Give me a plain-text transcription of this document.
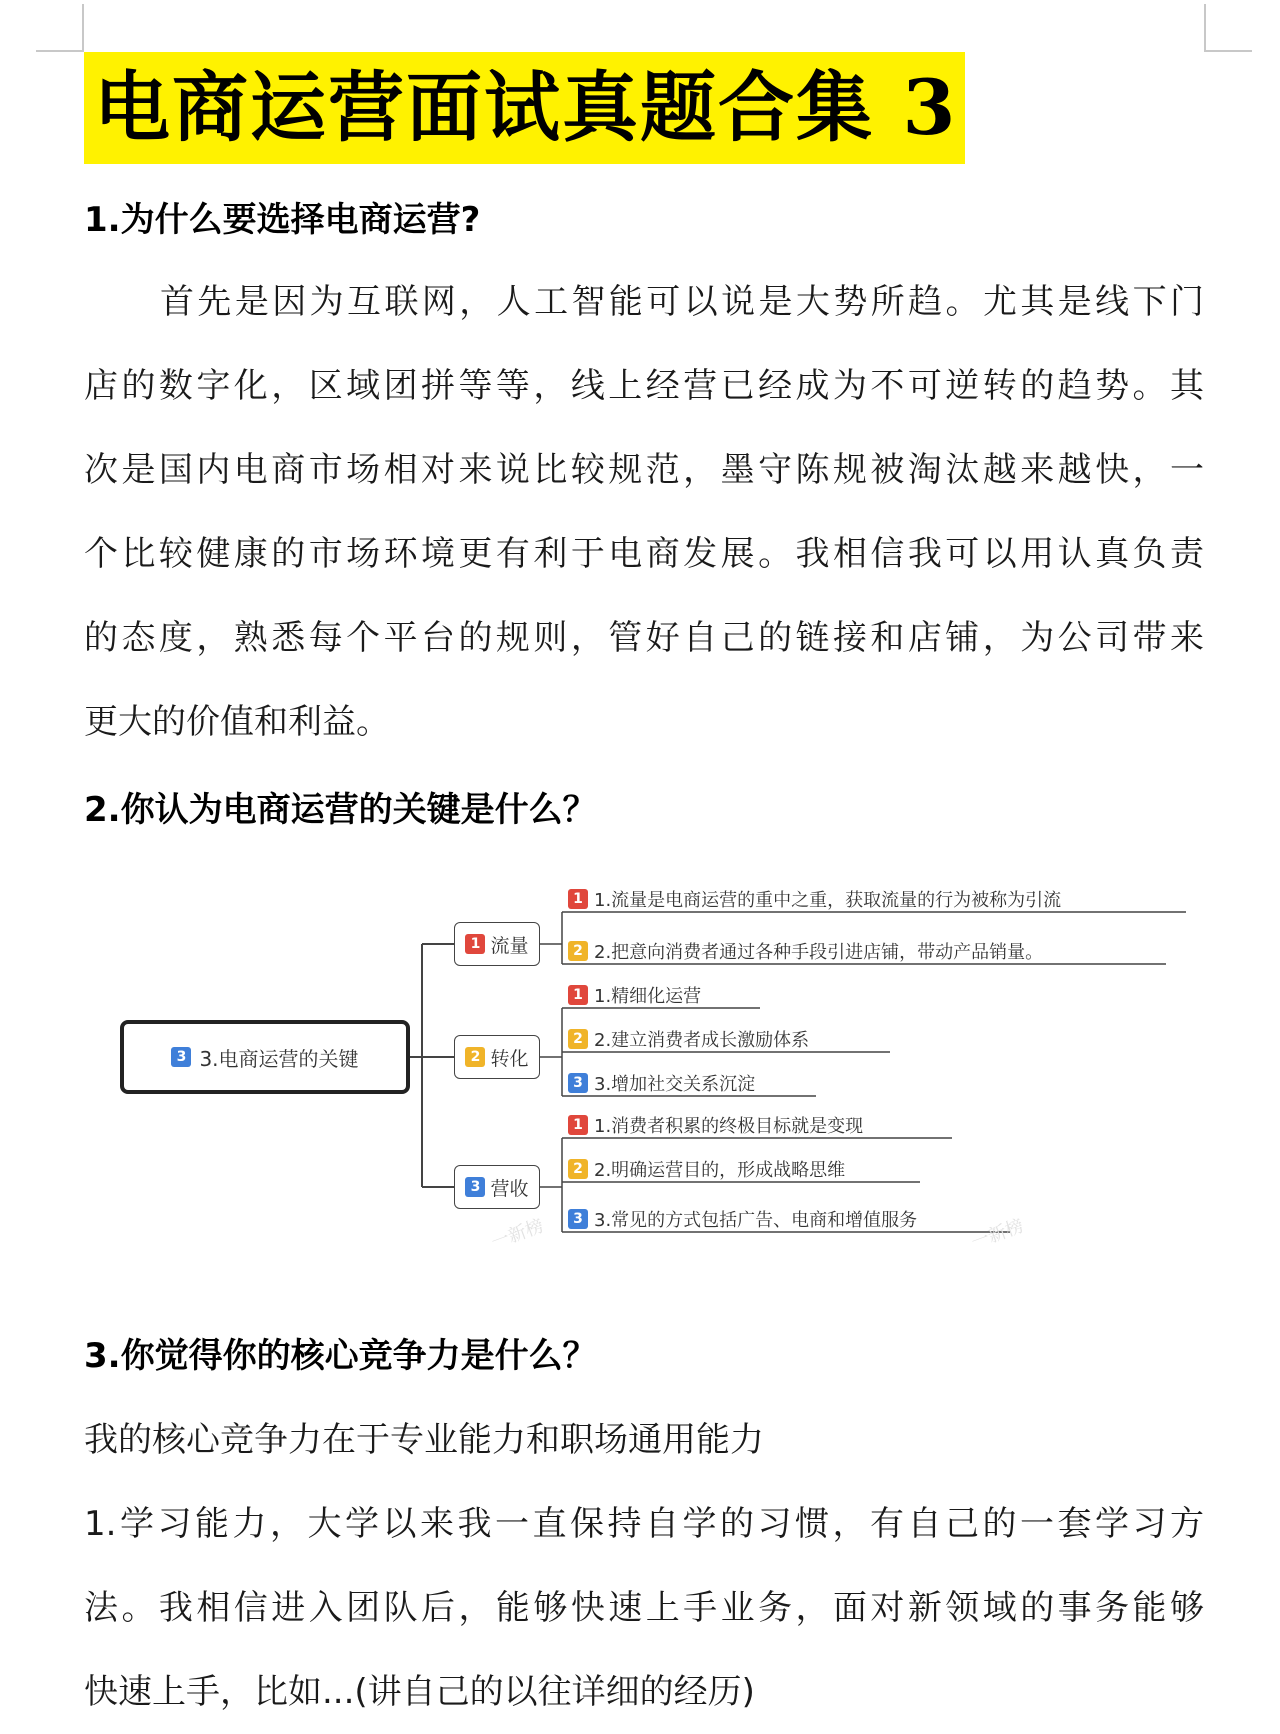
电商运营面试真题合集 3
1.为什么要选择电商运营?
首先是因为互联网，人工智能可以说是大势所趋。尤其是线下门
店的数字化，区域团拼等等，线上经营已经成为不可逆转的趋势。其
次是国内电商市场相对来说比较规范，墨守陈规被淘汰越来越快，一
个比较健康的市场环境更有利于电商发展。我相信我可以用认真负责
的态度，熟悉每个平台的规则，管好自己的链接和店铺，为公司带来
更大的价值和利益。
2.你认为电商运营的关键是什么？
3 3.电商运营的关键
1 流量
2 转化
3 营收
1 1.流量是电商运营的重中之重，获取流量的行为被称为引流
2 2.把意向消费者通过各种手段引进店铺，带动产品销量。
1 1.精细化运营
2 2.建立消费者成长激励体系
3 3.增加社交关系沉淀
1 1.消费者积累的终极目标就是变现
2 2.明确运营目的，形成战略思维
3 3.常见的方式包括广告、电商和增值服务
一新榜	一新榜
3.你觉得你的核心竞争力是什么？
我的核心竞争力在于专业能力和职场通用能力
1.学习能力，大学以来我一直保持自学的习惯，有自己的一套学习方
法。我相信进入团队后，能够快速上手业务，面对新领域的事务能够
快速上手，比如...(讲自己的以往详细的经历)
